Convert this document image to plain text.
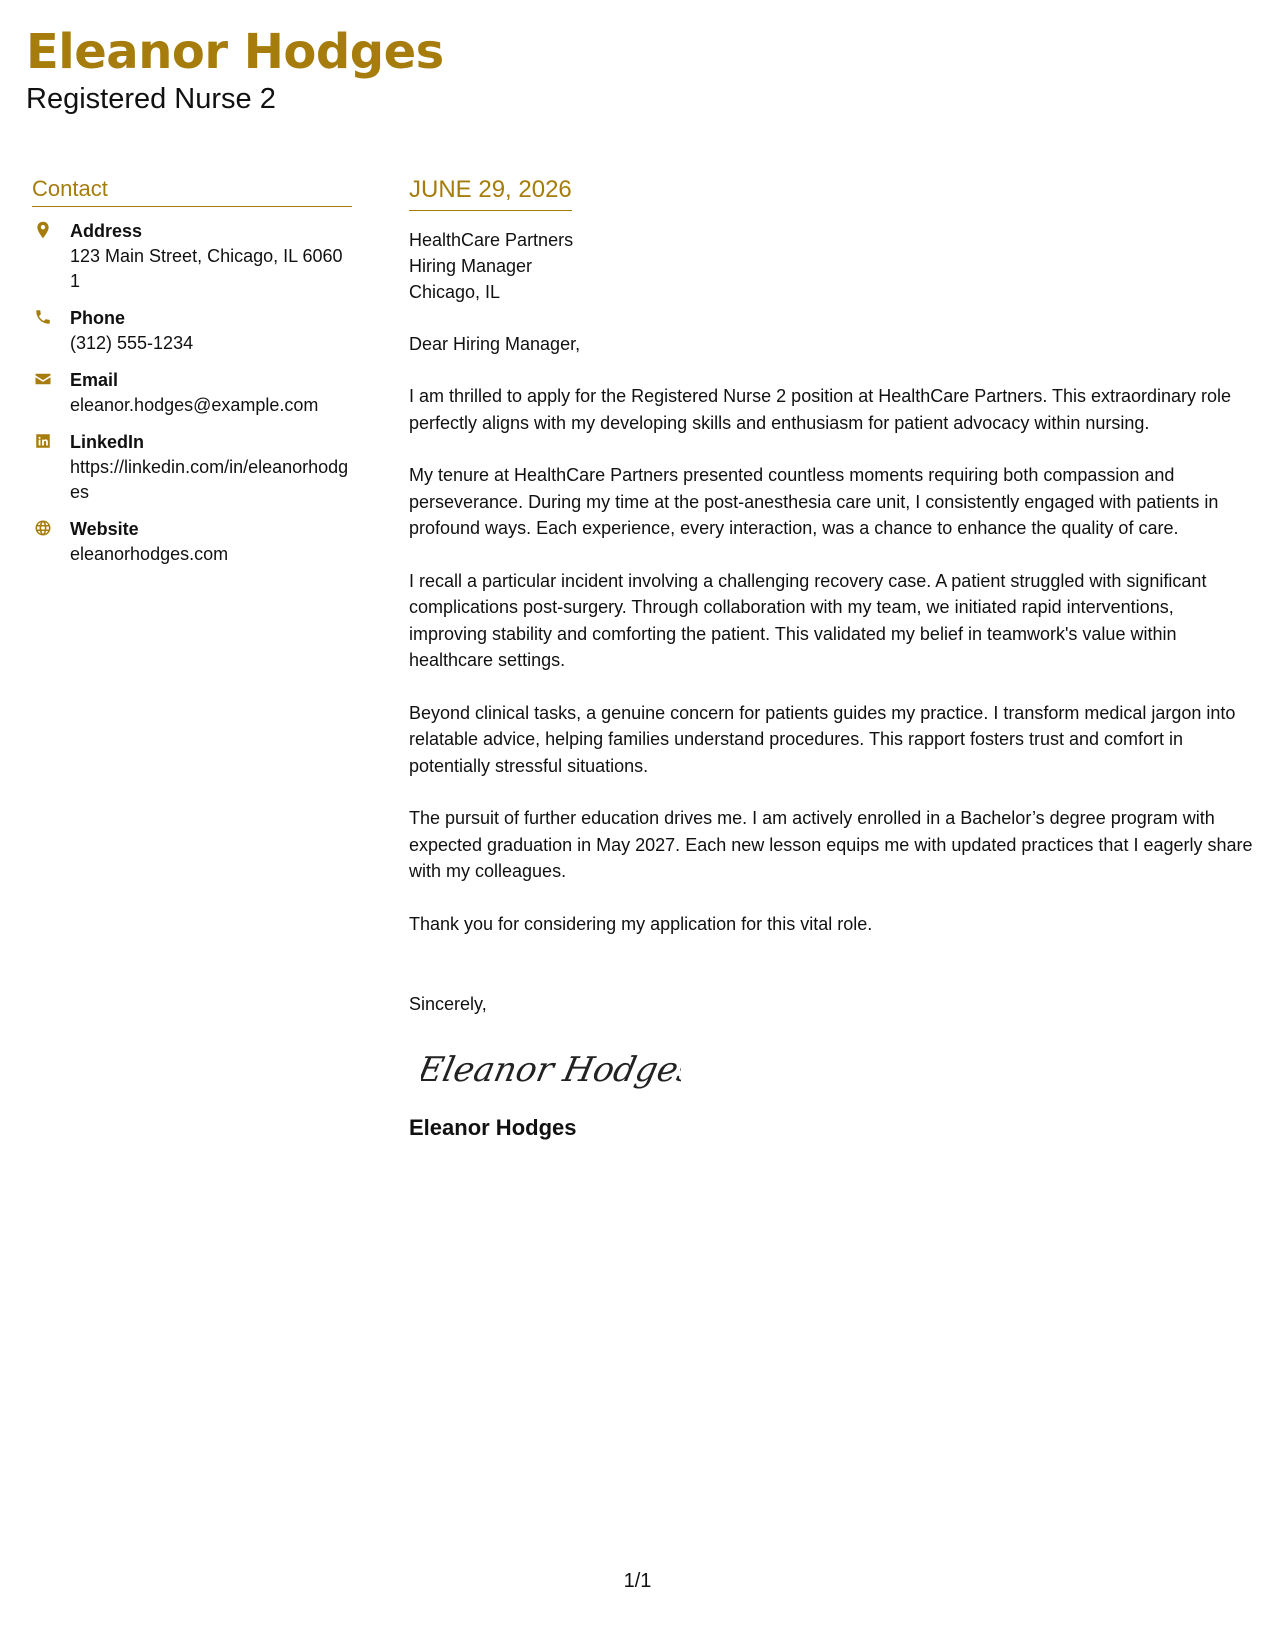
Eleanor Hodges
Registered Nurse 2
Contact
Address
123 Main Street, Chicago, IL 60601
Phone
(312) 555-1234
Email
eleanor.hodges@example.com
LinkedIn
https://linkedin.com/in/eleanorhodges
Website
eleanorhodges.com
JUNE 29, 2026
HealthCare Partners
Hiring Manager
Chicago, IL
Dear Hiring Manager,
I am thrilled to apply for the Registered Nurse 2 position at HealthCare Partners. This extraordinary role perfectly aligns with my developing skills and enthusiasm for patient advocacy within nursing.
My tenure at HealthCare Partners presented countless moments requiring both compassion and perseverance. During my time at the post-anesthesia care unit, I consistently engaged with patients in profound ways. Each experience, every interaction, was a chance to enhance the quality of care.
I recall a particular incident involving a challenging recovery case. A patient struggled with significant complications post-surgery. Through collaboration with my team, we initiated rapid interventions, improving stability and comforting the patient. This validated my belief in teamwork's value within healthcare settings.
Beyond clinical tasks, a genuine concern for patients guides my practice. I transform medical jargon into relatable advice, helping families understand procedures. This rapport fosters trust and comfort in potentially stressful situations.
The pursuit of further education drives me. I am actively enrolled in a Bachelor’s degree program with expected graduation in May 2027. Each new lesson equips me with updated practices that I eagerly share with my colleagues.
Thank you for considering my application for this vital role.
Sincerely,
Eleanor Hodges
Eleanor Hodges
1/1
